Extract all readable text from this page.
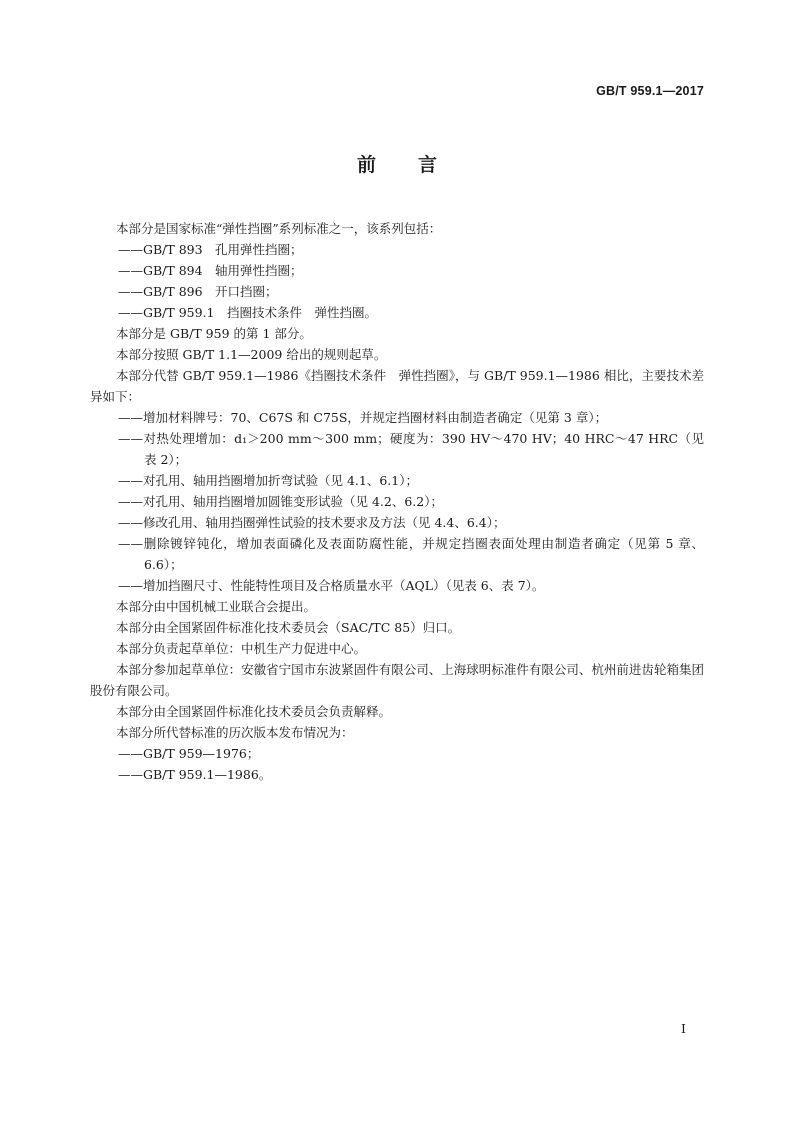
GB/T 959.1—2017
前 言

本部分是国家标准“弹性挡圈”系列标准之一，该系列包括：

——GB/T 893　孔用弹性挡圈；

——GB/T 894　轴用弹性挡圈；

——GB/T 896　开口挡圈；

——GB/T 959.1　挡圈技术条件　弹性挡圈。

本部分是 GB/T 959 的第 1 部分。

本部分按照 GB/T 1.1—2009 给出的规则起草。

本部分代替 GB/T 959.1—1986《挡圈技术条件　弹性挡圈》，与 GB/T 959.1—1986 相比，主要技术差异如下：

——增加材料牌号：70、C67S 和 C75S，并规定挡圈材料由制造者确定（见第 3 章）；

——对热处理增加：d₁＞200 mm～300 mm；硬度为：390 HV～470 HV；40 HRC～47 HRC（见表 2）；

——对孔用、轴用挡圈增加折弯试验（见 4.1、6.1）；

——对孔用、轴用挡圈增加圆锥变形试验（见 4.2、6.2）；

——修改孔用、轴用挡圈弹性试验的技术要求及方法（见 4.4、6.4）；

——删除镀锌钝化，增加表面磷化及表面防腐性能，并规定挡圈表面处理由制造者确定（见第 5 章、6.6）；

——增加挡圈尺寸、性能特性项目及合格质量水平（AQL）（见表 6、表 7）。

本部分由中国机械工业联合会提出。

本部分由全国紧固件标准化技术委员会（SAC/TC 85）归口。

本部分负责起草单位：中机生产力促进中心。

本部分参加起草单位：安徽省宁国市东波紧固件有限公司、上海球明标准件有限公司、杭州前进齿轮箱集团股份有限公司。

本部分由全国紧固件标准化技术委员会负责解释。

本部分所代替标准的历次版本发布情况为：

——GB/T 959—1976；

——GB/T 959.1—1986。

I
